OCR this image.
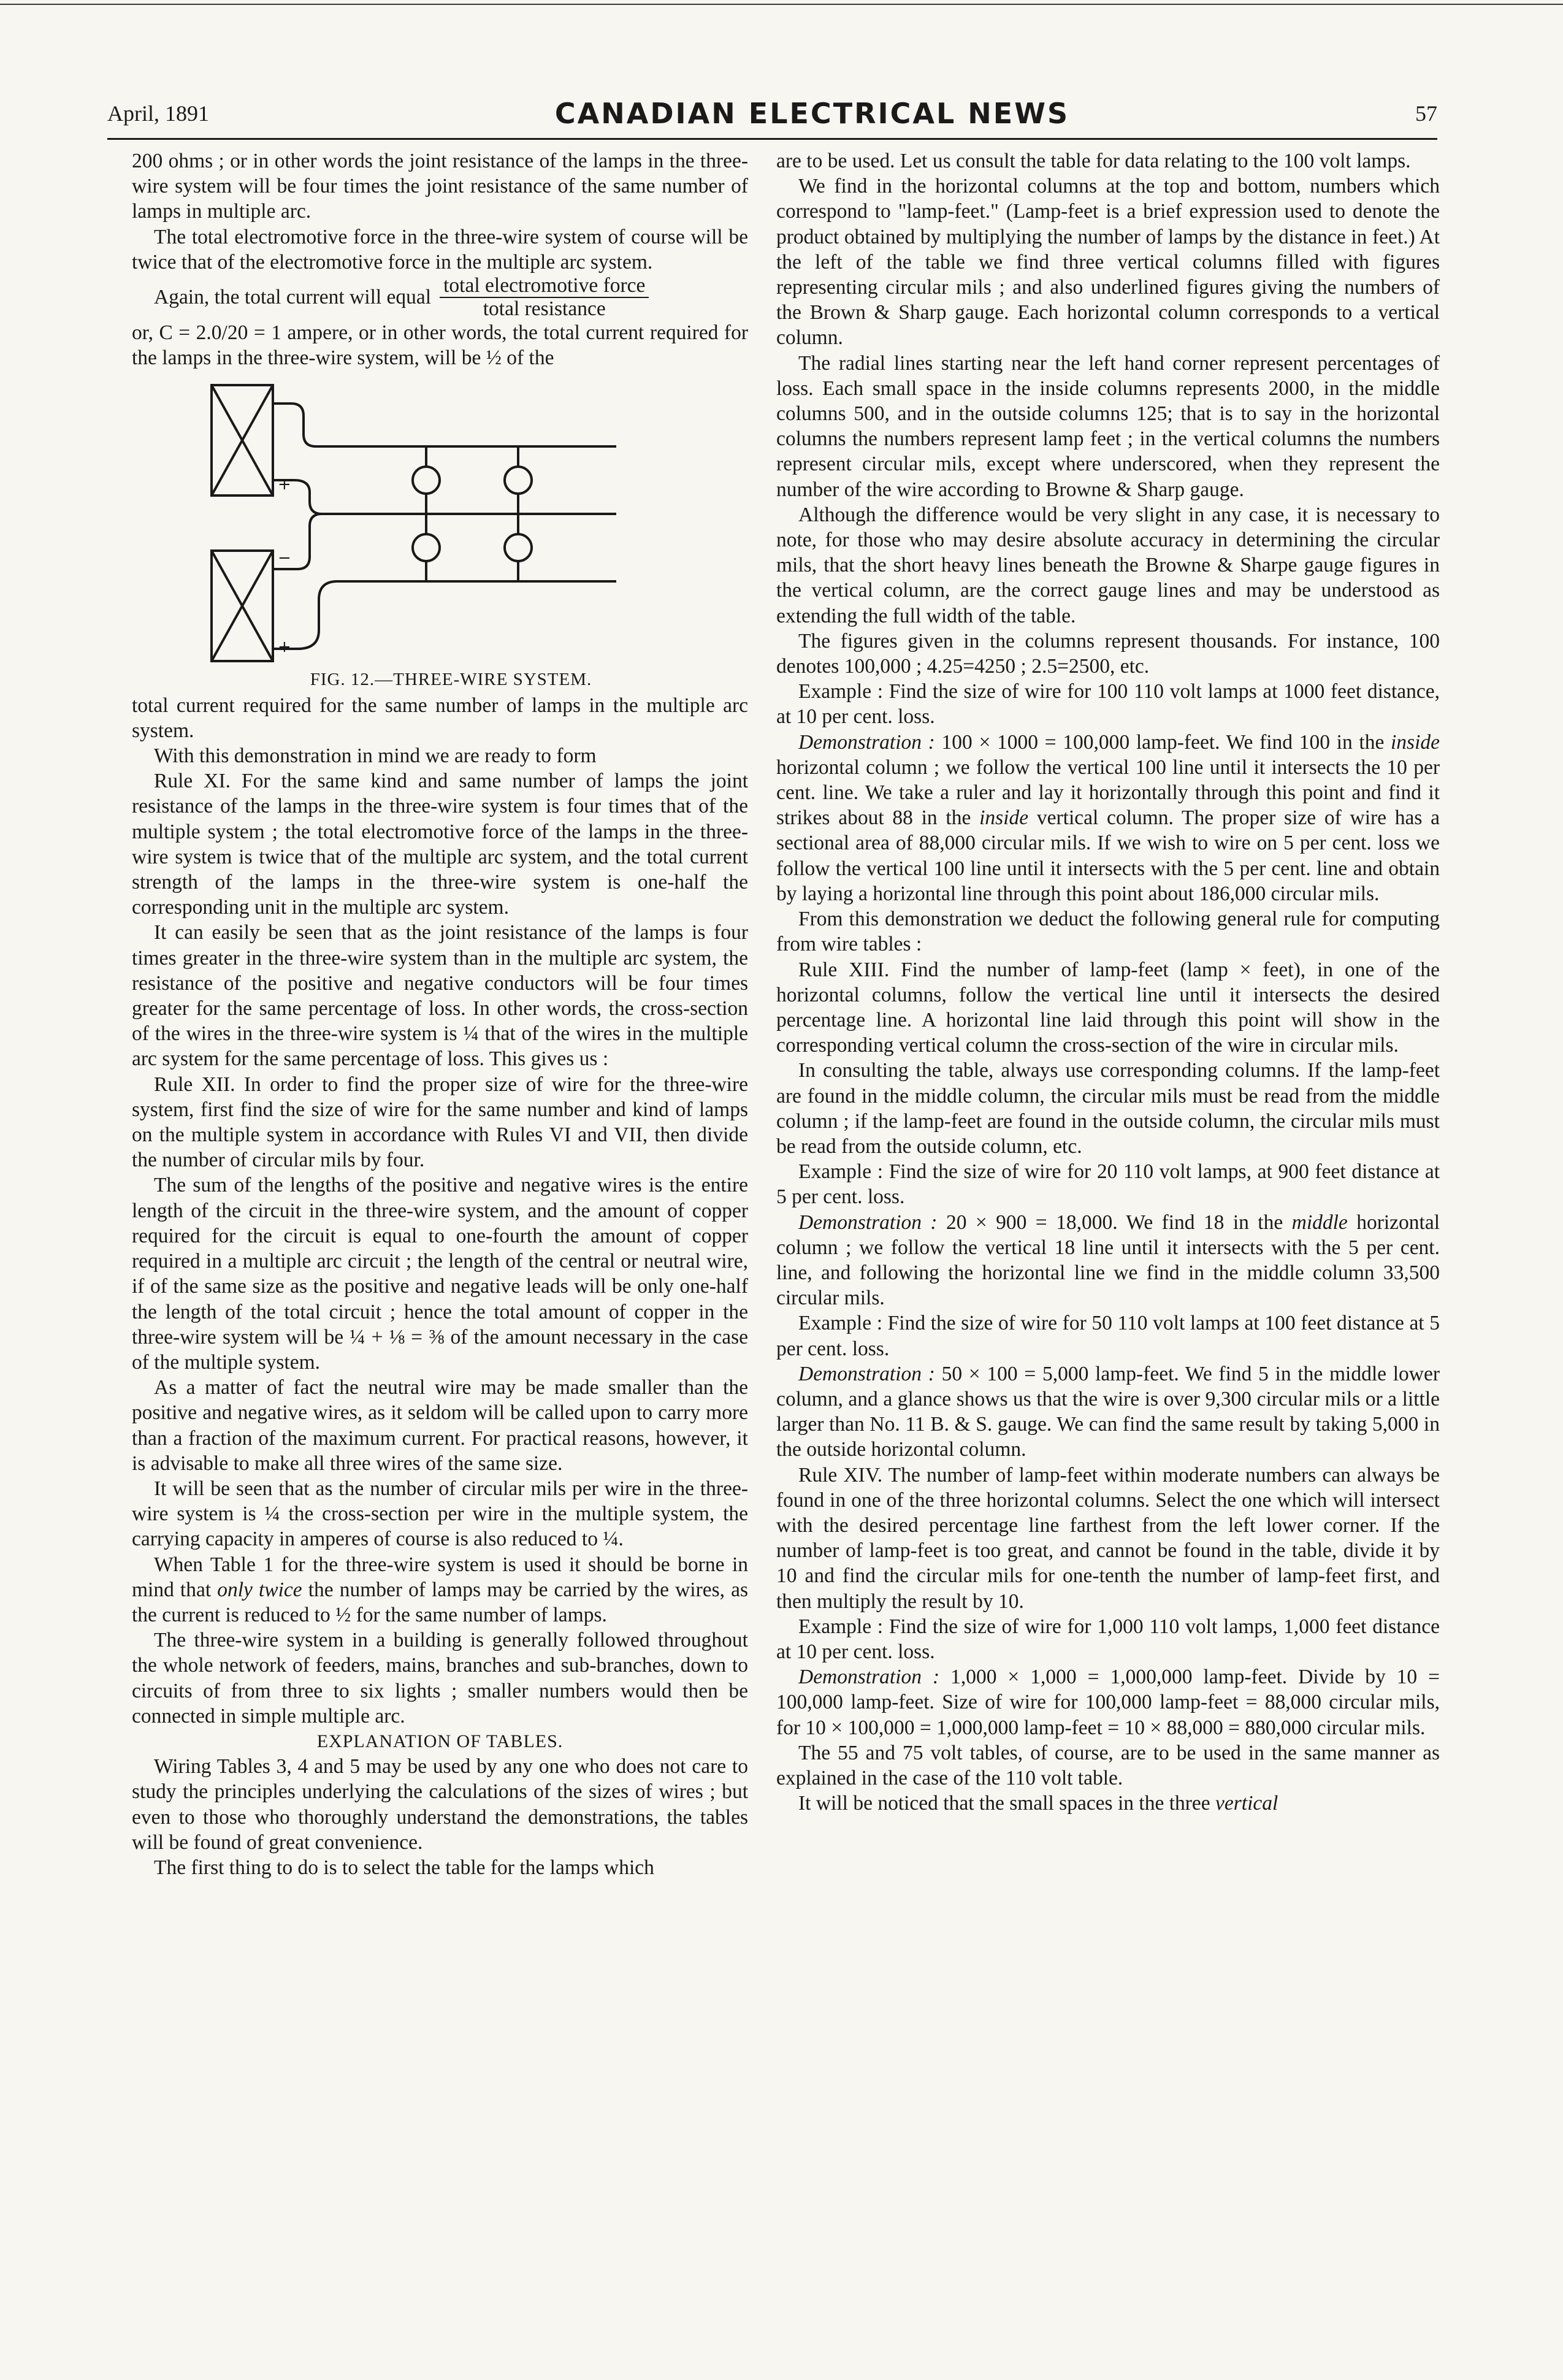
April, 1891	CANADIAN ELECTRICAL NEWS	57

200 ohms ; or in other words the joint resistance of the lamps in the three-wire system will be four times the joint resistance of the same number of lamps in multiple arc.

The total electromotive force in the three-wire system of course will be twice that of the electromotive force in the multiple arc system.

Again, the total current will equal $\frac{\text{total electromotive force}}{\text{total resistance}}$

or, C = 2.0/20 = 1 ampere, or in other words, the total current required for the lamps in the three-wire system, will be ½ of the

+
+
−

FIG. 12.—THREE-WIRE SYSTEM.

total current required for the same number of lamps in the multiple arc system.

With this demonstration in mind we are ready to form

Rule XI. For the same kind and same number of lamps the joint resistance of the lamps in the three-wire system is four times that of the multiple system ; the total electromotive force of the lamps in the three-wire system is twice that of the multiple arc system, and the total current strength of the lamps in the three-wire system is one-half the corresponding unit in the multiple arc system.

It can easily be seen that as the joint resistance of the lamps is four times greater in the three-wire system than in the multiple arc system, the resistance of the positive and negative conductors will be four times greater for the same percentage of loss. In other words, the cross-section of the wires in the three-wire system is ¼ that of the wires in the multiple arc system for the same percentage of loss. This gives us :

Rule XII. In order to find the proper size of wire for the three-wire system, first find the size of wire for the same number and kind of lamps on the multiple system in accordance with Rules VI and VII, then divide the number of circular mils by four.

The sum of the lengths of the positive and negative wires is the entire length of the circuit in the three-wire system, and the amount of copper required for the circuit is equal to one-fourth the amount of copper required in a multiple arc circuit ; the length of the central or neutral wire, if of the same size as the positive and negative leads will be only one-half the length of the total circuit ; hence the total amount of copper in the three-wire system will be ¼ + ⅛ = ⅜ of the amount necessary in the case of the multiple system.

As a matter of fact the neutral wire may be made smaller than the positive and negative wires, as it seldom will be called upon to carry more than a fraction of the maximum current. For practical reasons, however, it is advisable to make all three wires of the same size.

It will be seen that as the number of circular mils per wire in the three-wire system is ¼ the cross-section per wire in the multiple system, the carrying capacity in amperes of course is also reduced to ¼.

When Table 1 for the three-wire system is used it should be borne in mind that only twice the number of lamps may be carried by the wires, as the current is reduced to ½ for the same number of lamps.

The three-wire system in a building is generally followed throughout the whole network of feeders, mains, branches and sub-branches, down to circuits of from three to six lights ; smaller numbers would then be connected in simple multiple arc.

EXPLANATION OF TABLES.

Wiring Tables 3, 4 and 5 may be used by any one who does not care to study the principles underlying the calculations of the sizes of wires ; but even to those who thoroughly understand the demonstrations, the tables will be found of great convenience.

The first thing to do is to select the table for the lamps which

are to be used. Let us consult the table for data relating to the 100 volt lamps.

We find in the horizontal columns at the top and bottom, numbers which correspond to "lamp-feet." (Lamp-feet is a brief expression used to denote the product obtained by multiplying the number of lamps by the distance in feet.) At the left of the table we find three vertical columns filled with figures representing circular mils ; and also underlined figures giving the numbers of the Brown & Sharp gauge. Each horizontal column corresponds to a vertical column.

The radial lines starting near the left hand corner represent percentages of loss. Each small space in the inside columns represents 2000, in the middle columns 500, and in the outside columns 125; that is to say in the horizontal columns the numbers represent lamp feet ; in the vertical columns the numbers represent circular mils, except where underscored, when they represent the number of the wire according to Browne & Sharp gauge.

Although the difference would be very slight in any case, it is necessary to note, for those who may desire absolute accuracy in determining the circular mils, that the short heavy lines beneath the Browne & Sharpe gauge figures in the vertical column, are the correct gauge lines and may be understood as extending the full width of the table.

The figures given in the columns represent thousands. For instance, 100 denotes 100,000 ; 4.25=4250 ; 2.5=2500, etc.

Example : Find the size of wire for 100 110 volt lamps at 1000 feet distance, at 10 per cent. loss.

Demonstration : 100 × 1000 = 100,000 lamp-feet. We find 100 in the inside horizontal column ; we follow the vertical 100 line until it intersects the 10 per cent. line. We take a ruler and lay it horizontally through this point and find it strikes about 88 in the inside vertical column. The proper size of wire has a sectional area of 88,000 circular mils. If we wish to wire on 5 per cent. loss we follow the vertical 100 line until it intersects with the 5 per cent. line and obtain by laying a horizontal line through this point about 186,000 circular mils.

From this demonstration we deduct the following general rule for computing from wire tables :

Rule XIII. Find the number of lamp-feet (lamp × feet), in one of the horizontal columns, follow the vertical line until it intersects the desired percentage line. A horizontal line laid through this point will show in the corresponding vertical column the cross-section of the wire in circular mils.

In consulting the table, always use corresponding columns. If the lamp-feet are found in the middle column, the circular mils must be read from the middle column ; if the lamp-feet are found in the outside column, the circular mils must be read from the outside column, etc.

Example : Find the size of wire for 20 110 volt lamps, at 900 feet distance at 5 per cent. loss.

Demonstration : 20 × 900 = 18,000. We find 18 in the middle horizontal column ; we follow the vertical 18 line until it intersects with the 5 per cent. line, and following the horizontal line we find in the middle column 33,500 circular mils.

Example : Find the size of wire for 50 110 volt lamps at 100 feet distance at 5 per cent. loss.

Demonstration : 50 × 100 = 5,000 lamp-feet. We find 5 in the middle lower column, and a glance shows us that the wire is over 9,300 circular mils or a little larger than No. 11 B. & S. gauge. We can find the same result by taking 5,000 in the outside horizontal column.

Rule XIV. The number of lamp-feet within moderate numbers can always be found in one of the three horizontal columns. Select the one which will intersect with the desired percentage line farthest from the left lower corner. If the number of lamp-feet is too great, and cannot be found in the table, divide it by 10 and find the circular mils for one-tenth the number of lamp-feet first, and then multiply the result by 10.

Example : Find the size of wire for 1,000 110 volt lamps, 1,000 feet distance at 10 per cent. loss.

Demonstration : 1,000 × 1,000 = 1,000,000 lamp-feet. Divide by 10 = 100,000 lamp-feet. Size of wire for 100,000 lamp-feet = 88,000 circular mils, for 10 × 100,000 = 1,000,000 lamp-feet = 10 × 88,000 = 880,000 circular mils.

The 55 and 75 volt tables, of course, are to be used in the same manner as explained in the case of the 110 volt table.

It will be noticed that the small spaces in the three vertical
